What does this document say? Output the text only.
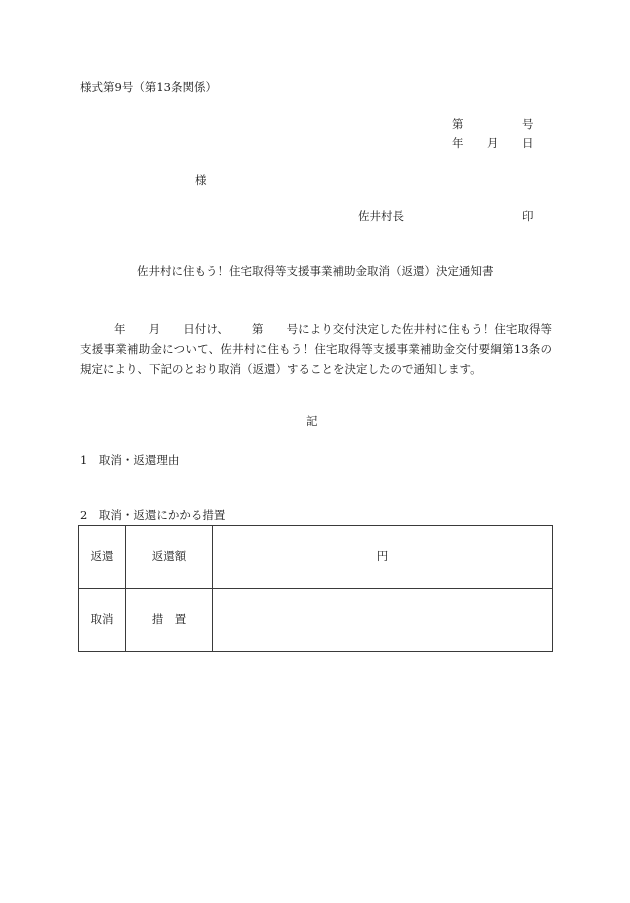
様式第9号（第13条関係）
第	号
年 月 日
様
佐井村長	印
佐井村に住もう！住宅取得等支援事業補助金取消（返還）決定通知書
年 月 日付け、 第 号により交付決定した佐井村に住もう！住宅取得等支援事業補助金について、佐井村に住もう！住宅取得等支援事業補助金交付要綱第13条の規定により、下記のとおり取消（返還）することを決定したので通知します。
記
1　取消・返還理由
2　取消・返還にかかる措置
返還	返還額	円
取消	措　置	
